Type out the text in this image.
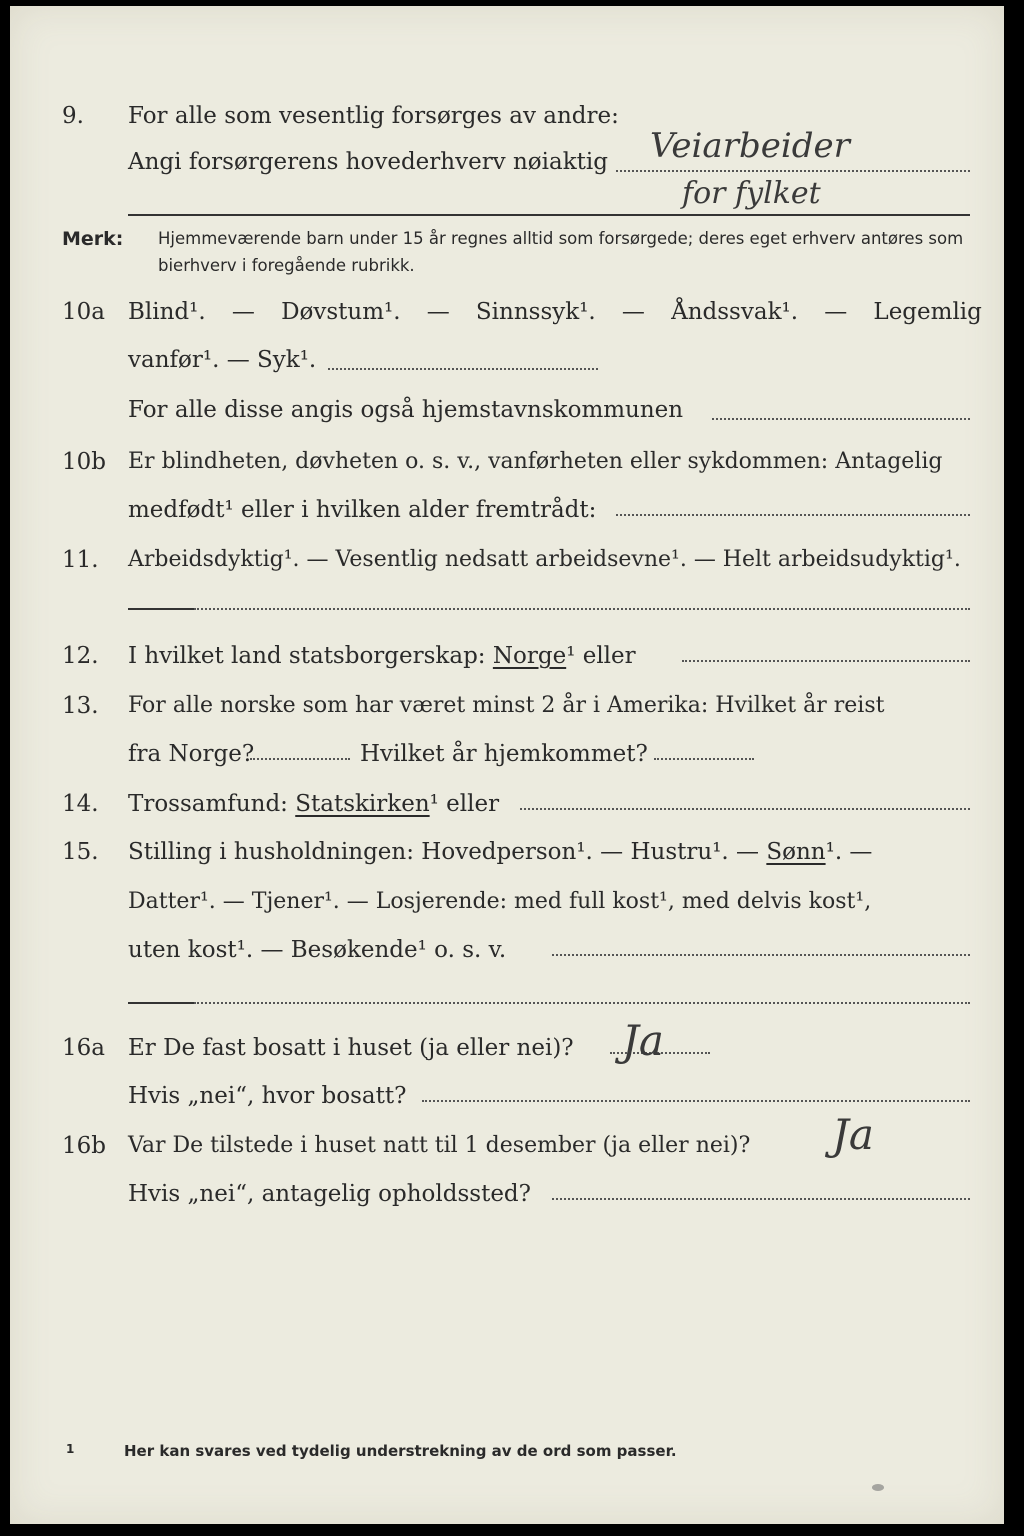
9. For alle som vesentlig forsørges av andre:
Angi forsørgerens hovederhverv nøiaktig Veiarbeider
for fylket
Merk: Hjemmeværende barn under 15 år regnes alltid som forsørgede; deres eget erhverv antøres som bierhverv i foregående rubrikk.
10a Blind¹. — Døvstum¹. — Sinnssyk¹. — Åndssvak¹. — Legemlig
vanfør¹. — Syk¹.
For alle disse angis også hjemstavnskommunen
10b Er blindheten, døvheten o. s. v., vanførheten eller sykdommen: Antagelig
medfødt¹ eller i hvilken alder fremtrådt:
11. Arbeidsdyktig¹. — Vesentlig nedsatt arbeidsevne¹. — Helt arbeidsudyktig¹.
12. I hvilket land statsborgerskap: Norge¹ eller
13. For alle norske som har været minst 2 år i Amerika: Hvilket år reist
fra Norge?	Hvilket år hjemkommet?
14. Trossamfund: Statskirken¹ eller
15. Stilling i husholdningen: Hovedperson¹. — Hustru¹. — Sønn¹. —
Datter¹. — Tjener¹. — Losjerende: med full kost¹, med delvis kost¹,
uten kost¹. — Besøkende¹ o. s. v.
16a Er De fast bosatt i huset (ja eller nei)? Ja
Hvis „nei“, hvor bosatt?
16b Var De tilstede i huset natt til 1 desember (ja eller nei)? Ja
Hvis „nei“, antagelig opholdssted?
1	Her kan svares ved tydelig understrekning av de ord som passer.
